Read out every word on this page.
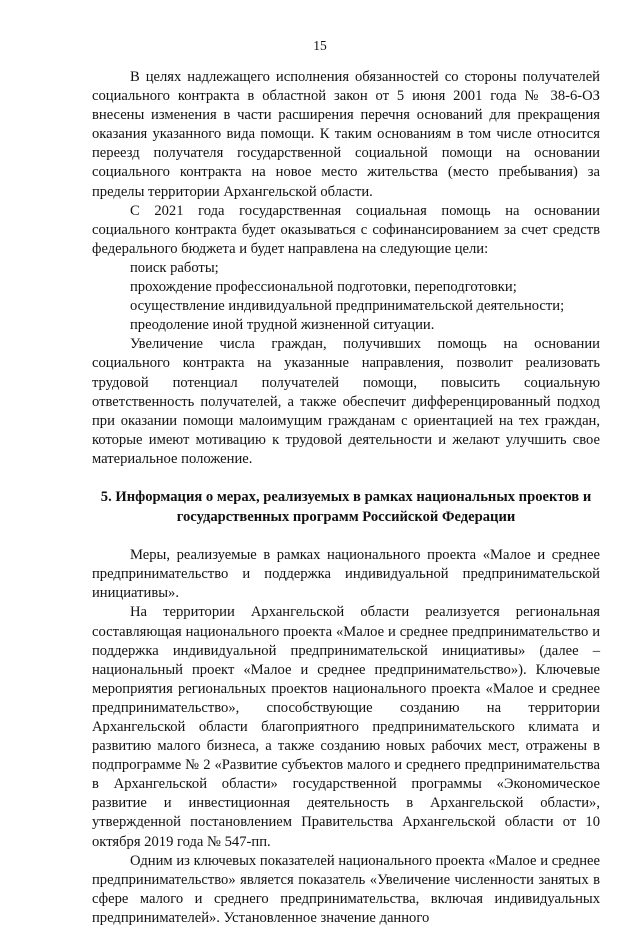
15

В целях надлежащего исполнения обязанностей со стороны получателей социального контракта в областной закон от 5 июня 2001 года № 38-6-ОЗ внесены изменения в части расширения перечня оснований для прекращения оказания указанного вида помощи. К таким основаниям в том числе относится переезд получателя государственной социальной помощи на основании социального контракта на новое место жительства (место пребывания) за пределы территории Архангельской области.

С 2021 года государственная социальная помощь на основании социального контракта будет оказываться с софинансированием за счет средств федерального бюджета и будет направлена на следующие цели:

поиск работы;

прохождение профессиональной подготовки, переподготовки;

осуществление индивидуальной предпринимательской деятельности;

преодоление иной трудной жизненной ситуации.

Увеличение числа граждан, получивших помощь на основании социального контракта на указанные направления, позволит реализовать трудовой потенциал получателей помощи, повысить социальную ответственность получателей, а также обеспечит дифференцированный подход при оказании помощи малоимущим гражданам с ориентацией на тех граждан, которые имеют мотивацию к трудовой деятельности и желают улучшить свое материальное положение.

5. Информация о мерах, реализуемых в рамках национальных проектов и государственных программ Российской Федерации

Меры, реализуемые в рамках национального проекта «Малое и среднее предпринимательство и поддержка индивидуальной предпринимательской инициативы».

На территории Архангельской области реализуется региональная составляющая национального проекта «Малое и среднее предпринимательство и поддержка индивидуальной предпринимательской инициативы» (далее – национальный проект «Малое и среднее предпринимательство»). Ключевые мероприятия региональных проектов национального проекта «Малое и среднее предпринимательство», способствующие созданию на территории Архангельской области благоприятного предпринимательского климата и развитию малого бизнеса, а также созданию новых рабочих мест, отражены в подпрограмме № 2 «Развитие субъектов малого и среднего предпринимательства в Архангельской области» государственной программы «Экономическое развитие и инвестиционная деятельность в Архангельской области», утвержденной постановлением Правительства Архангельской области от 10 октября 2019 года № 547-пп.

Одним из ключевых показателей национального проекта «Малое и среднее предпринимательство» является показатель «Увеличение численности занятых в сфере малого и среднего предпринимательства, включая индивидуальных предпринимателей». Установленное значение данного
